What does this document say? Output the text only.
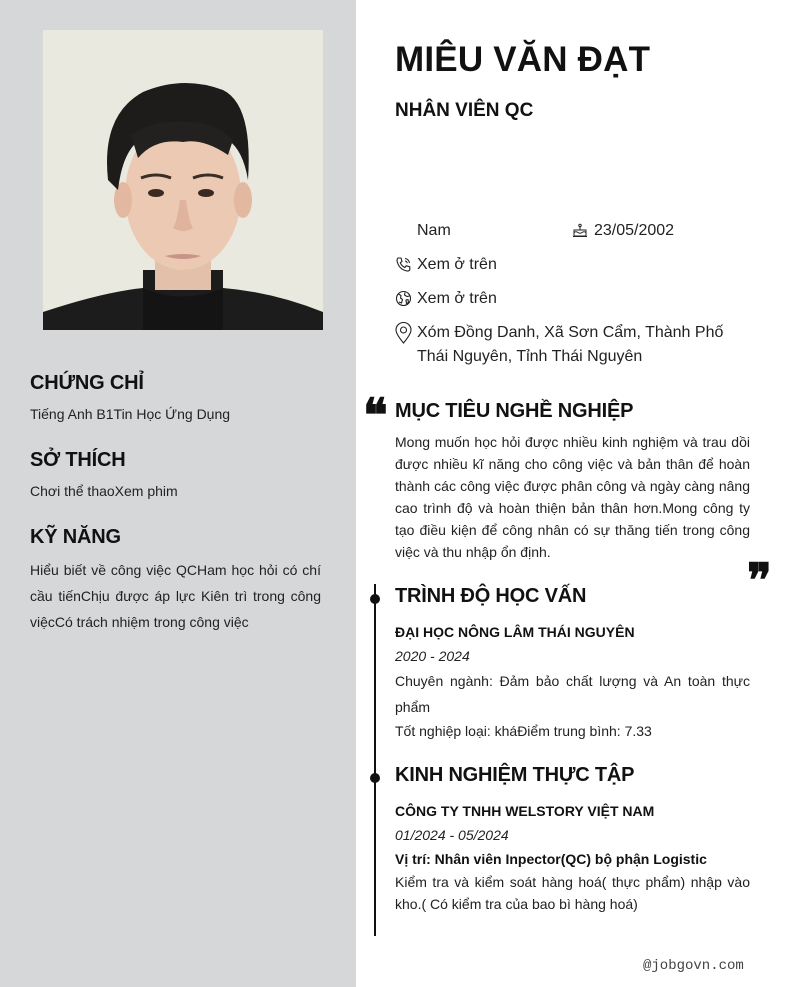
CHỨNG CHỈ

Tiếng Anh B1Tin Học Ứng Dụng

SỞ THÍCH

Chơi thể thaoXem phim

KỸ NĂNG

Hiểu biết về công việc QCHam học hỏi có chí cầu tiếnChịu được áp lực Kiên trì trong công việcCó trách nhiệm trong công việc

MIÊU VĂN ĐẠT
NHÂN VIÊN QC
Nam	23/05/2002
Xem ở trên
Xem ở trên
Xóm Đồng Danh, Xã Sơn Cẩm, Thành Phố Thái Nguyên, Tỉnh Thái Nguyên
❝ MỤC TIÊU NGHỀ NGHIỆP
Mong muốn học hỏi được nhiều kinh nghiệm và trau dồi được nhiều kĩ năng cho công việc và bản thân để hoàn thành các công việc được phân công và ngày càng nâng cao trình độ và hoàn thiện bản thân hơn.Mong công ty tạo điều kiện để công nhân có sự thăng tiến trong công việc và thu nhập ổn định.
❞
TRÌNH ĐỘ HỌC VẤN
ĐẠI HỌC NÔNG LÂM THÁI NGUYÊN
2020 - 2024
Chuyên ngành: Đảm bảo chất lượng và An toàn thực phẩm
Tốt nghiệp loại: kháĐiểm trung bình: 7.33
KINH NGHIỆM THỰC TẬP
CÔNG TY TNHH WELSTORY VIỆT NAM
01/2024 - 05/2024
Vị trí: Nhân viên Inpector(QC) bộ phận Logistic
Kiểm tra và kiểm soát hàng hoá( thực phẩm) nhập vào kho.( Có kiểm tra của bao bì hàng hoá)
@jobgovn.com
